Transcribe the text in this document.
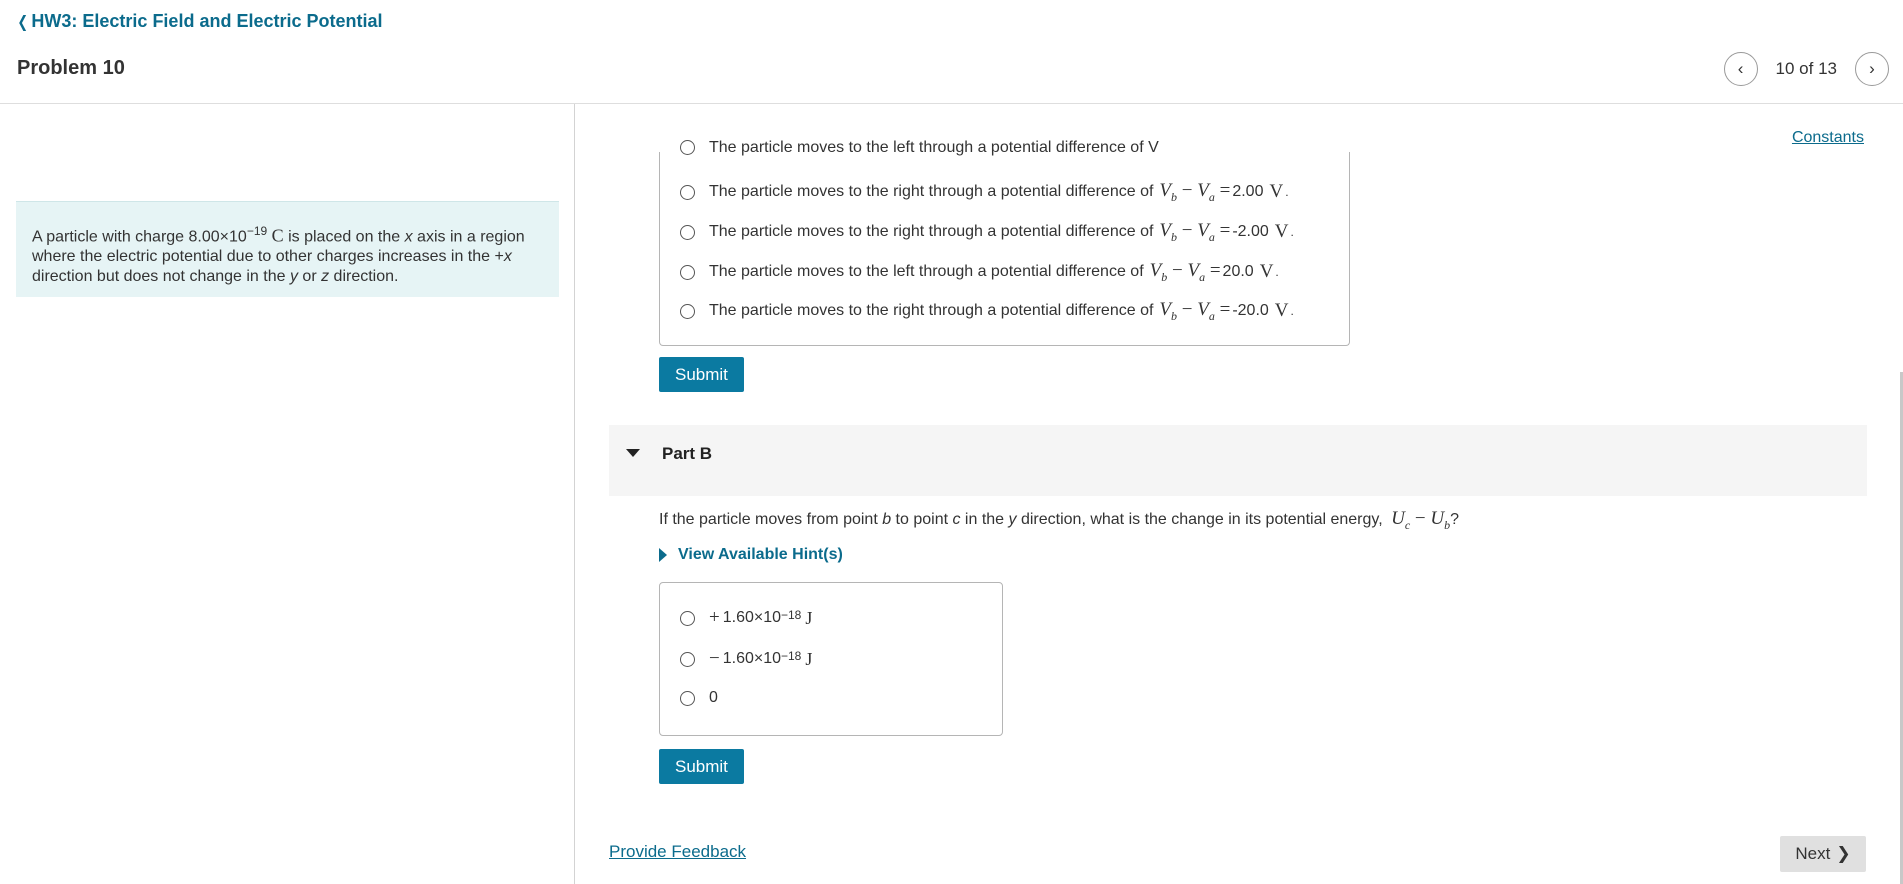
❮ HW3: Electric Field and Electric Potential
Problem 10	‹ 10 of 13 ›
A particle with charge $8.00\times 10^{-19}$ C is placed on the x axis in a region where the electric potential due to other charges increases in the +x direction but does not change in the y or z direction.
Constants
The particle moves to the left through a potential difference of V
The particle moves to the right through a potential difference of $V_b - V_a = 2.00$ V .
The particle moves to the right through a potential difference of $V_b - V_a = -2.00$ V .
The particle moves to the left through a potential difference of $V_b - V_a = 20.0$ V .
The particle moves to the right through a potential difference of $V_b - V_a = -20.0$ V .
Submit
Part B
If the particle moves from point b to point c in the y direction, what is the change in its potential energy, $U_c - U_b$?
View Available Hint(s)
+ $1.60\times 10^{-18}$ J
− $1.60\times 10^{-18}$ J
0
Submit
Provide Feedback	Next ❯
